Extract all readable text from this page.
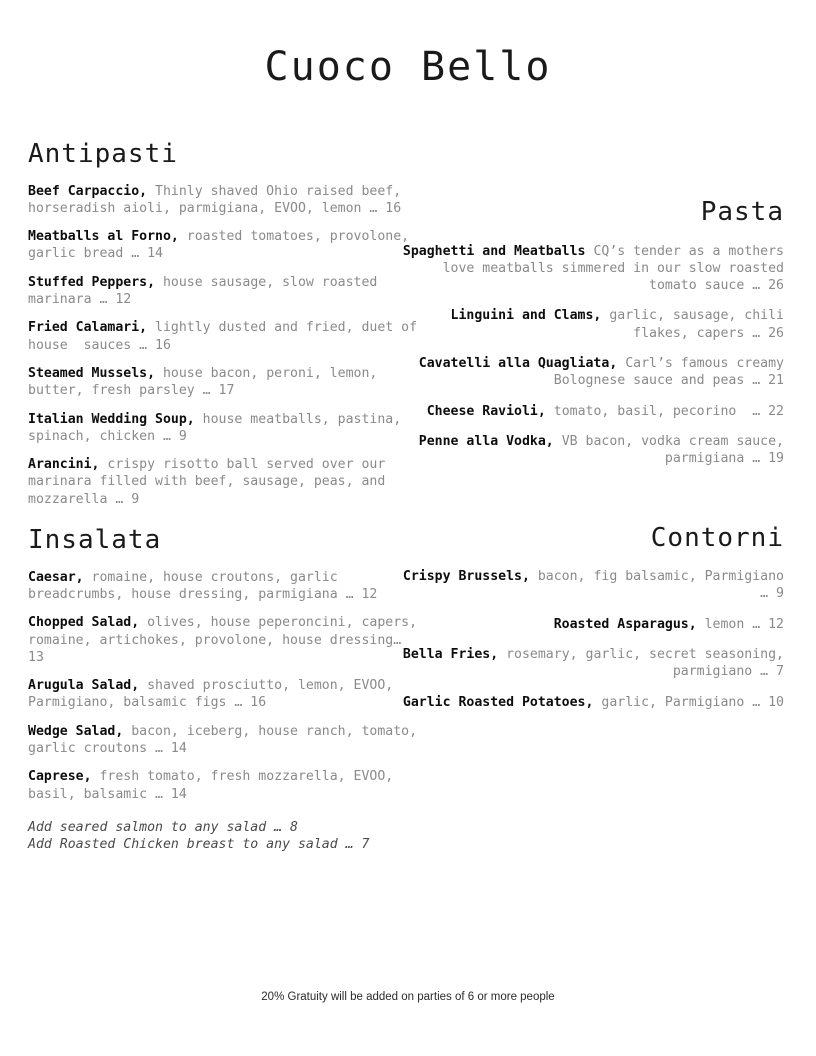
Cuoco Bello
Antipasti

Beef Carpaccio, Thinly shaved Ohio raised beef, horseradish aioli, parmigiana, EVOO, lemon … 16

Meatballs al Forno, roasted tomatoes, provolone, garlic bread … 14

Stuffed Peppers, house sausage, slow roasted marinara … 12

Fried Calamari, lightly dusted and fried, duet of house  sauces … 16

Steamed Mussels, house bacon, peroni, lemon, butter, fresh parsley … 17

Italian Wedding Soup, house meatballs, pastina, spinach, chicken … 9

Arancini, crispy risotto ball served over our marinara filled with beef, sausage, peas, and mozzarella … 9

Insalata

Caesar, romaine, house croutons, garlic breadcrumbs, house dressing, parmigiana … 12

Chopped Salad, olives, house peperoncini, capers, romaine, artichokes, provolone, house dressing… 13

Arugula Salad, shaved prosciutto, lemon, EVOO, Parmigiano, balsamic figs … 16

Wedge Salad, bacon, iceberg, house ranch, tomato, garlic croutons … 14

Caprese, fresh tomato, fresh mozzarella, EVOO, basil, balsamic … 14

Add seared salmon to any salad … 8

Add Roasted Chicken breast to any salad … 7

Pasta

Spaghetti and Meatballs CQ’s tender as a mothers love meatballs simmered in our slow roasted tomato sauce … 26

Linguini and Clams, garlic, sausage, chili flakes, capers … 26

Cavatelli alla Quagliata, Carl’s famous creamy Bolognese sauce and peas … 21

Cheese Ravioli, tomato, basil, pecorino  … 22

Penne alla Vodka, VB bacon, vodka cream sauce, parmigiana … 19

Contorni

Crispy Brussels, bacon, fig balsamic, Parmigiano … 9

Roasted Asparagus, lemon … 12

Bella Fries, rosemary, garlic, secret seasoning, parmigiano … 7

Garlic Roasted Potatoes, garlic, Parmigiano … 10

20% Gratuity will be added on parties of 6 or more people
